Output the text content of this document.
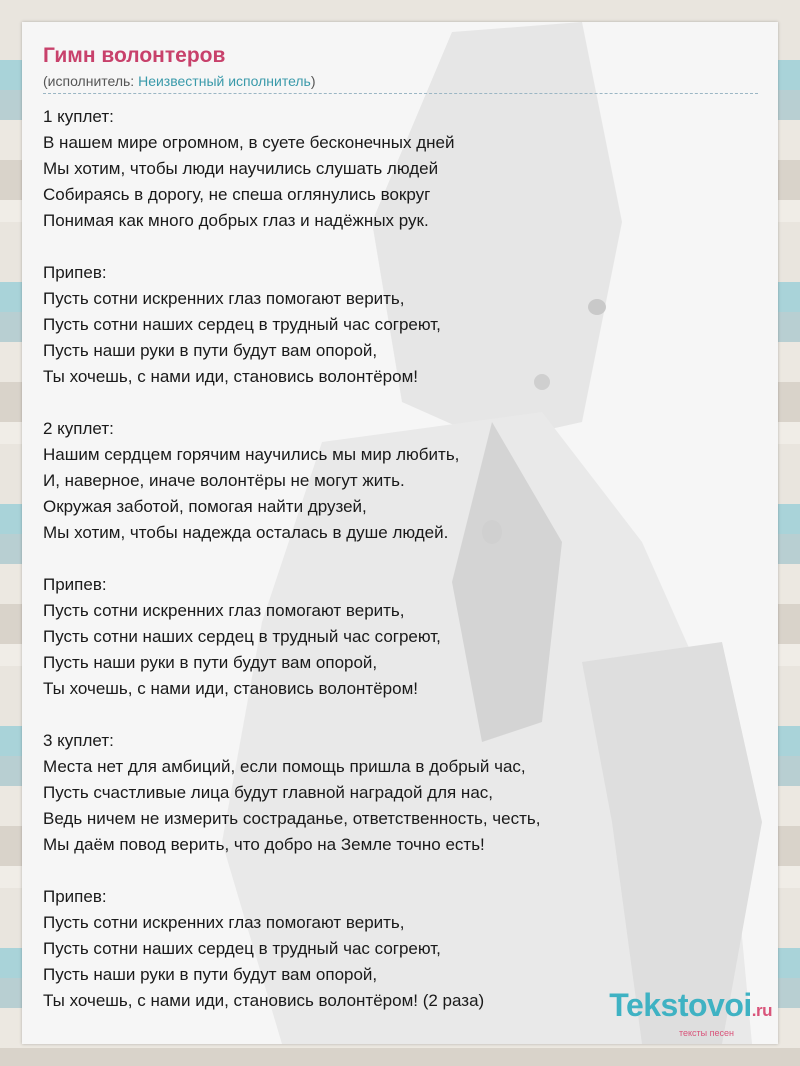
Гимн волонтеров
(исполнитель: Неизвестный исполнитель)
1 куплет:
В нашем мире огромном, в суете бесконечных дней
Мы хотим, чтобы люди научились слушать людей
Собираясь в дорогу, не спеша оглянулись вокруг
Понимая как много добрых глаз и надёжных рук.
Припев:
Пусть сотни искренних глаз помогают верить,
Пусть сотни наших сердец в трудный час согреют,
Пусть наши руки в пути будут вам опорой,
Ты хочешь, с нами иди, становись волонтёром!
2 куплет:
Нашим сердцем горячим научились мы мир любить,
И, наверное, иначе волонтёры не могут жить.
Окружая заботой, помогая найти друзей,
Мы хотим, чтобы надежда осталась в душе людей.
Припев:
Пусть сотни искренних глаз помогают верить,
Пусть сотни наших сердец в трудный час согреют,
Пусть наши руки в пути будут вам опорой,
Ты хочешь, с нами иди, становись волонтёром!
3 куплет:
Места нет для амбиций, если помощь пришла в добрый час,
Пусть счастливые лица будут главной наградой для нас,
Ведь ничем не измерить состраданье, ответственность, честь,
Мы даём повод верить, что добро на Земле точно есть!
Припев:
Пусть сотни искренних глаз помогают верить,
Пусть сотни наших сердец в трудный час согреют,
Пусть наши руки в пути будут вам опорой,
Ты хочешь, с нами иди, становись волонтёром! (2 раза)	Tekstovoi.ru
тексты песен
